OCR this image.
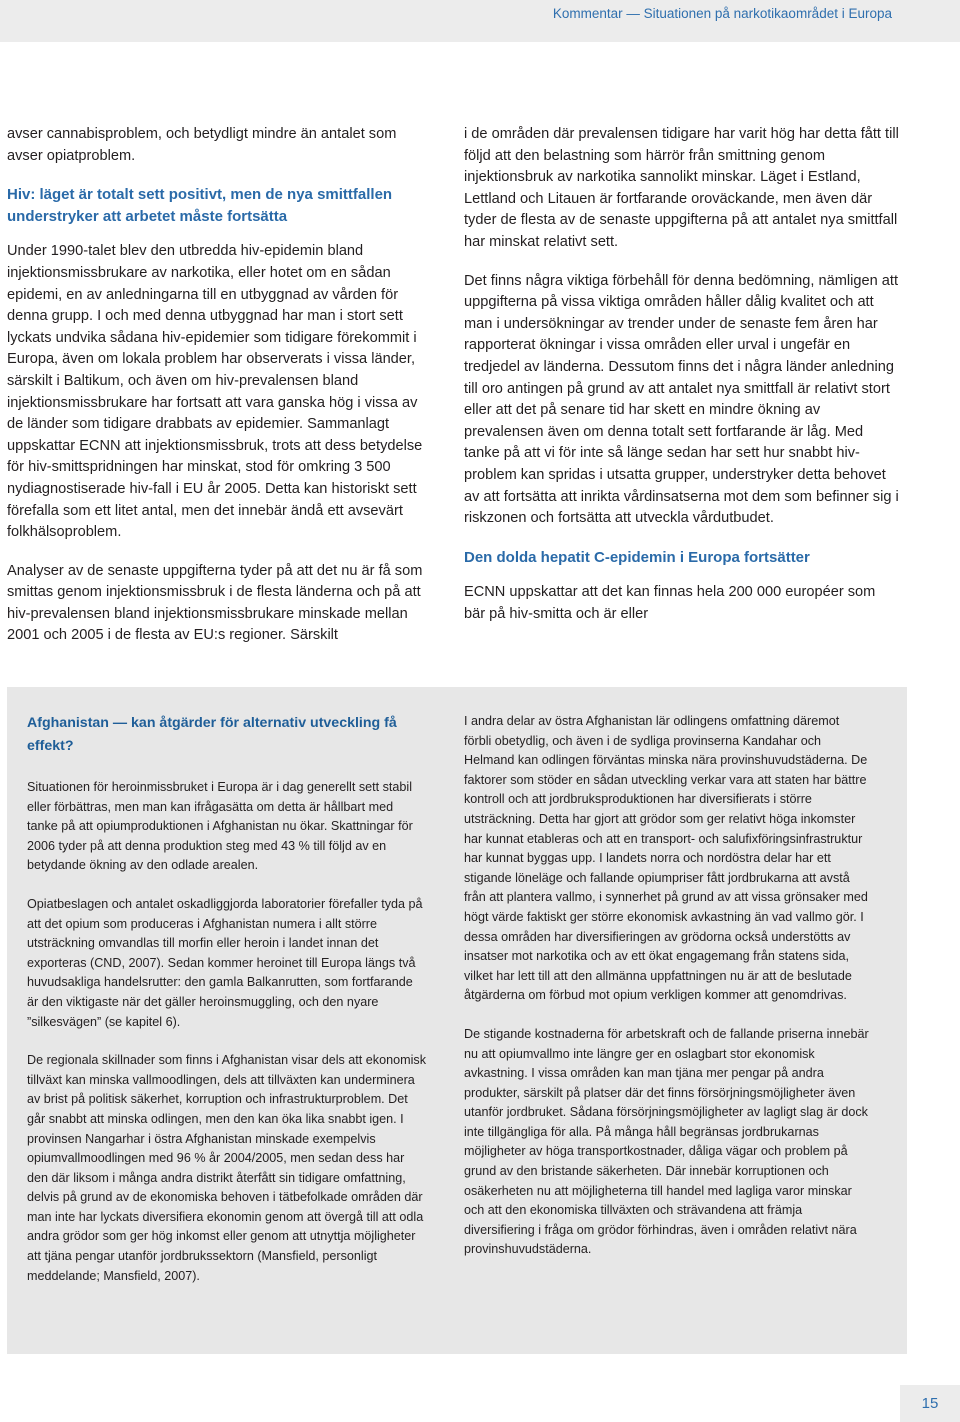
Kommentar — Situationen på narkotikaområdet i Europa

avser cannabisproblem, och betydligt mindre än antalet som avser opiatproblem.

Hiv: läget är totalt sett positivt, men de nya smittfallen understryker att arbetet måste fortsätta

Under 1990-talet blev den utbredda hiv-epidemin bland injektionsmissbrukare av narkotika, eller hotet om en sådan epidemi, en av anledningarna till en utbyggnad av vården för denna grupp. I och med denna utbyggnad har man i stort sett lyckats undvika sådana hiv-epidemier som tidigare förekommit i Europa, även om lokala problem har observerats i vissa länder, särskilt i Baltikum, och även om hiv-prevalensen bland injektionsmissbrukare har fortsatt att vara ganska hög i vissa av de länder som tidigare drabbats av epidemier. Sammanlagt uppskattar ECNN att injektionsmissbruk, trots att dess betydelse för hiv-smittspridningen har minskat, stod för omkring 3 500 nydiagnostiserade hiv-fall i EU år 2005. Detta kan historiskt sett förefalla som ett litet antal, men det innebär ändå ett avsevärt folkhälsoproblem.

Analyser av de senaste uppgifterna tyder på att det nu är få som smittas genom injektionsmissbruk i de flesta länderna och på att hiv-prevalensen bland injektionsmissbrukare minskade mellan 2001 och 2005 i de flesta av EU:s regioner. Särskilt

i de områden där prevalensen tidigare har varit hög har detta fått till följd att den belastning som härrör från smittning genom injektionsbruk av narkotika sannolikt minskar. Läget i Estland, Lettland och Litauen är fortfarande oroväckande, men även där tyder de flesta av de senaste uppgifterna på att antalet nya smittfall har minskat relativt sett.

Det finns några viktiga förbehåll för denna bedömning, nämligen att uppgifterna på vissa viktiga områden håller dålig kvalitet och att man i undersökningar av trender under de senaste fem åren har rapporterat ökningar i vissa områden eller urval i ungefär en tredjedel av länderna. Dessutom finns det i några länder anledning till oro antingen på grund av att antalet nya smittfall är relativt stort eller att det på senare tid har skett en mindre ökning av prevalensen även om denna totalt sett fortfarande är låg. Med tanke på att vi för inte så länge sedan har sett hur snabbt hiv-problem kan spridas i utsatta grupper, understryker detta behovet av att fortsätta att inrikta vårdinsatserna mot dem som befinner sig i riskzonen och fortsätta att utveckla vårdutbudet.

Den dolda hepatit C-epidemin i Europa fortsätter

ECNN uppskattar att det kan finnas hela 200 000 européer som bär på hiv-smitta och är eller

Afghanistan — kan åtgärder för alternativ utveckling få effekt?

Situationen för heroinmissbruket i Europa är i dag generellt sett stabil eller förbättras, men man kan ifrågasätta om detta är hållbart med tanke på att opiumproduktionen i Afghanistan nu ökar. Skattningar för 2006 tyder på att denna produktion steg med 43 % till följd av en betydande ökning av den odlade arealen.

Opiatbeslagen och antalet oskadliggjorda laboratorier förefaller tyda på att det opium som produceras i Afghanistan numera i allt större utsträckning omvandlas till morfin eller heroin i landet innan det exporteras (CND, 2007). Sedan kommer heroinet till Europa längs två huvudsakliga handelsrutter: den gamla Balkanrutten, som fortfarande är den viktigaste när det gäller heroinsmuggling, och den nyare ”silkesvägen” (se kapitel 6).

De regionala skillnader som finns i Afghanistan visar dels att ekonomisk tillväxt kan minska vallmoodlingen, dels att tillväxten kan underminera av brist på politisk säkerhet, korruption och infrastrukturproblem. Det går snabbt att minska odlingen, men den kan öka lika snabbt igen. I provinsen Nangarhar i östra Afghanistan minskade exempelvis opiumvallmoodlingen med 96 % år 2004/2005, men sedan dess har den där liksom i många andra distrikt återfått sin tidigare omfattning, delvis på grund av de ekonomiska behoven i tätbefolkade områden där man inte har lyckats diversifiera ekonomin genom att övergå till att odla andra grödor som ger hög inkomst eller genom att utnyttja möjligheter att tjäna pengar utanför jordbrukssektorn (Mansfield, personligt meddelande; Mansfield, 2007).

I andra delar av östra Afghanistan lär odlingens omfattning däremot förbli obetydlig, och även i de sydliga provinserna Kandahar och Helmand kan odlingen förväntas minska nära provinshuvudstäderna. De faktorer som stöder en sådan utveckling verkar vara att staten har bättre kontroll och att jordbruksproduktionen har diversifierats i större utsträckning. Detta har gjort att grödor som ger relativt höga inkomster har kunnat etableras och att en transport- och salufixföringsinfrastruktur har kunnat byggas upp. I landets norra och nordöstra delar har ett stigande löneläge och fallande opiumpriser fått jordbrukarna att avstå från att plantera vallmo, i synnerhet på grund av att vissa grönsaker med högt värde faktiskt ger större ekonomisk avkastning än vad vallmo gör. I dessa områden har diversifieringen av grödorna också understötts av insatser mot narkotika och av ett ökat engagemang från statens sida, vilket har lett till att den allmänna uppfattningen nu är att de beslutade åtgärderna om förbud mot opium verkligen kommer att genomdrivas.

De stigande kostnaderna för arbetskraft och de fallande priserna innebär nu att opiumvallmo inte längre ger en oslagbart stor ekonomisk avkastning. I vissa områden kan man tjäna mer pengar på andra produkter, särskilt på platser där det finns försörjningsmöjligheter även utanför jordbruket. Sådana försörjningsmöjligheter av lagligt slag är dock inte tillgängliga för alla. På många håll begränsas jordbrukarnas möjligheter av höga transportkostnader, dåliga vägar och problem på grund av den bristande säkerheten. Där innebär korruptionen och osäkerheten nu att möjligheterna till handel med lagliga varor minskar och att den ekonomiska tillväxten och strävandena att främja diversifiering i fråga om grödor förhindras, även i områden relativt nära provinshuvudstäderna.

15
